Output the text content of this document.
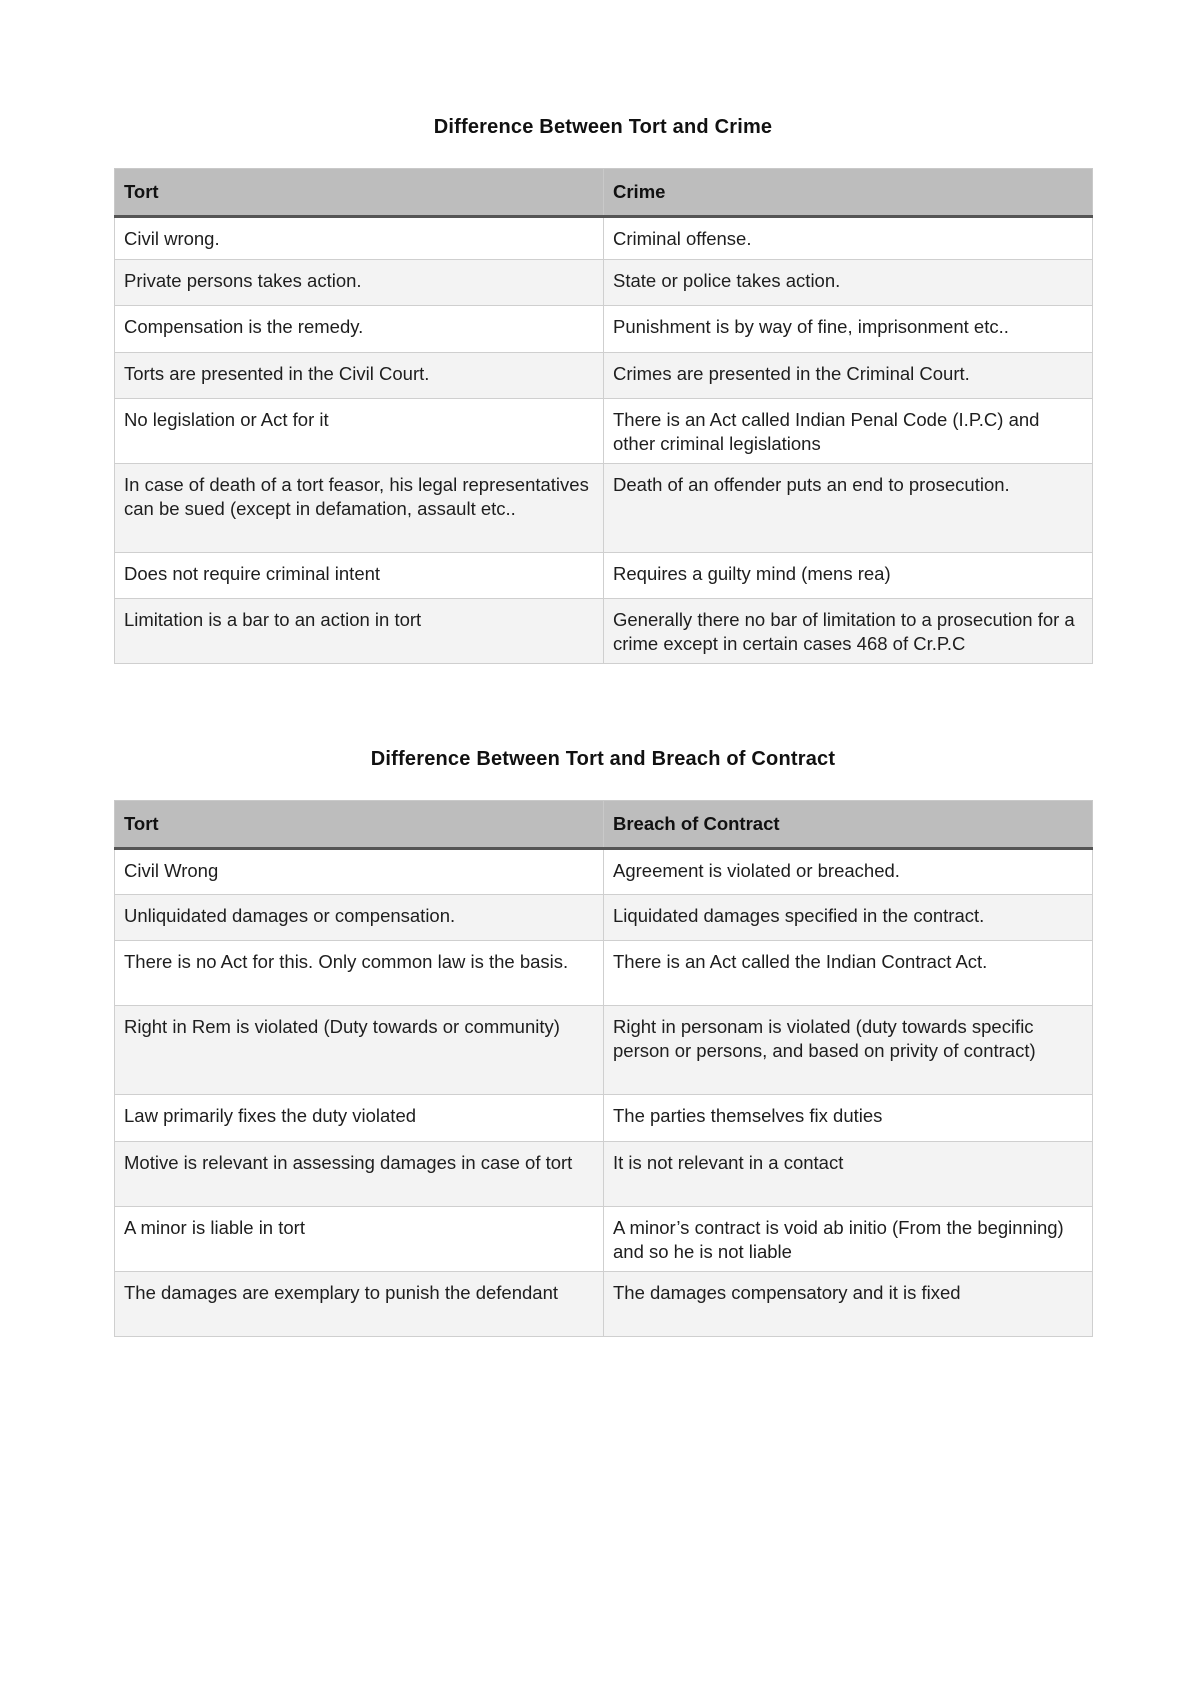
Difference Between Tort and Crime
Tort	Crime
Civil wrong.	Criminal offense.
Private persons takes action.	State or police takes action.
Compensation is the remedy.	Punishment is by way of fine, imprisonment etc..
Torts are presented in the Civil Court.	Crimes are presented in the Criminal Court.
No legislation or Act for it	There is an Act called Indian Penal Code (I.P.C) and other criminal legislations
In case of death of a tort feasor, his legal representatives can be sued (except in defamation, assault etc..	Death of an offender puts an end to prosecution.
Does not require criminal intent	Requires a guilty mind (mens rea)
Limitation is a bar to an action in tort	Generally there no bar of limitation to a prosecution for a crime except in certain cases 468 of Cr.P.C
Difference Between Tort and Breach of Contract
Tort	Breach of Contract
Civil Wrong	Agreement is violated or breached.
Unliquidated damages or compensation.	Liquidated damages specified in the contract.
There is no Act for this. Only common law is the basis.	There is an Act called the Indian Contract Act.
Right in Rem is violated (Duty towards or community)	Right in personam is violated (duty towards specific person or persons, and based on privity of contract)
Law primarily fixes the duty violated	The parties themselves fix duties
Motive is relevant in assessing damages in case of tort	It is not relevant in a contact
A minor is liable in tort	A minor’s contract is void ab initio (From the beginning) and so he is not liable
The damages are exemplary to punish the defendant	The damages compensatory and it is fixed
